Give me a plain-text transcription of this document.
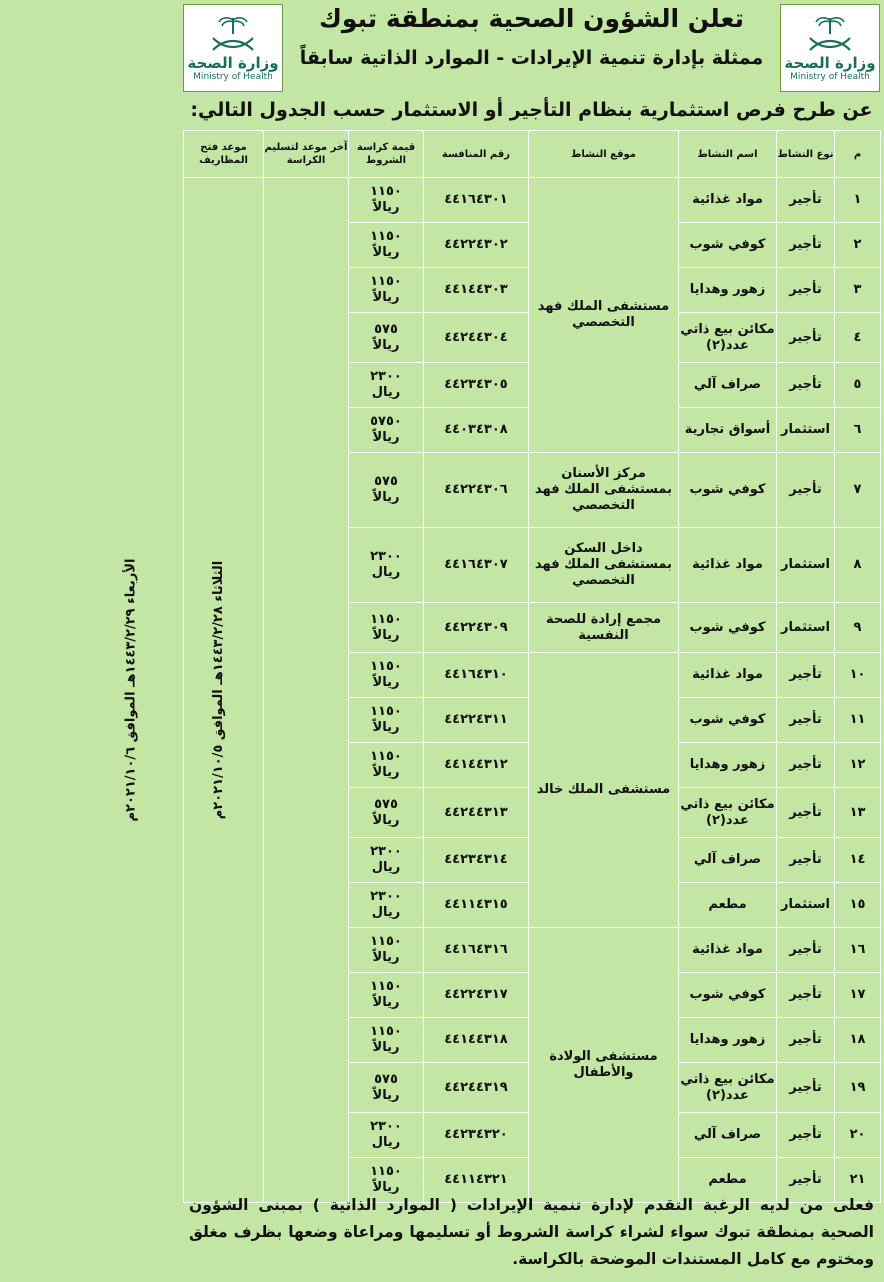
وزارة الصحة
Ministry of Health
وزارة الصحة
Ministry of Health
تعلن الشؤون الصحية بمنطقة تبوك
ممثلة بإدارة تنمية الإيرادات - الموارد الذاتية سابقاً
عن طرح فرص استثمارية بنظام التأجير أو الاستثمار حسب الجدول التالي:
م	نوع النشاط	اسم النشاط	موقع النشاط	رقم المنافسة	قيمة كراسة الشروط	آخر موعد لتسليم الكراسة	موعد فتح المظاريف
١	تأجير	مواد غذائية	مستشفى الملك فهد التخصصي	٤٤١٦٤٣٠١	١١٥٠
ريالاً	الثلاثاء ١٤٤٣/٢/٢٨هـ الموافق ٢٠٢١/١٠/٥م	الأربعاء ١٤٤٣/٢/٢٩هـ الموافق ٢٠٢١/١٠/٦م
٢	تأجير	كوفي شوب		٤٤٢٢٤٣٠٢	١١٥٠
ريالاً		

٣	تأجير	زهور وهدايا		٤٤١٤٤٣٠٣	١١٥٠
ريالاً		

٤	تأجير	مكائن بيع ذاتي عدد(٢)		٤٤٢٤٤٣٠٤	٥٧٥
ريالاً		

٥	تأجير	صراف آلي		٤٤٢٣٤٣٠٥	٢٣٠٠
ريال		

٦	استثمار	أسواق تجارية		٤٤٠٣٤٣٠٨	٥٧٥٠
ريالاً		

٧	تأجير	كوفي شوب	مركز الأسنان بمستشفى الملك فهد التخصصي	٤٤٢٢٤٣٠٦	٥٧٥
ريالاً		

٨	استثمار	مواد غذائية	داخل السكن بمستشفى الملك فهد التخصصي	٤٤١٦٤٣٠٧	٢٣٠٠
ريال		

٩	استثمار	كوفي شوب	مجمع إرادة للصحة النفسية	٤٤٢٢٤٣٠٩	١١٥٠
ريالاً		

١٠	تأجير	مواد غذائية	مستشفى الملك خالد	٤٤١٦٤٣١٠	١١٥٠
ريالاً		

١١	تأجير	كوفي شوب		٤٤٢٢٤٣١١	١١٥٠
ريالاً		

١٢	تأجير	زهور وهدايا		٤٤١٤٤٣١٢	١١٥٠
ريالاً		

١٣	تأجير	مكائن بيع ذاتي عدد(٢)		٤٤٢٤٤٣١٣	٥٧٥
ريالاً		

١٤	تأجير	صراف آلي		٤٤٢٣٤٣١٤	٢٣٠٠
ريال		

١٥	استثمار	مطعم		٤٤١١٤٣١٥	٢٣٠٠
ريال		

١٦	تأجير	مواد غذائية	مستشفى الولادة والأطفال	٤٤١٦٤٣١٦	١١٥٠
ريالاً		

١٧	تأجير	كوفي شوب		٤٤٢٢٤٣١٧	١١٥٠
ريالاً		

١٨	تأجير	زهور وهدايا		٤٤١٤٤٣١٨	١١٥٠
ريالاً		

١٩	تأجير	مكائن بيع ذاتي عدد(٢)		٤٤٢٤٤٣١٩	٥٧٥
ريالاً		

٢٠	تأجير	صراف آلي		٤٤٢٣٤٣٢٠	٢٣٠٠
ريال		

٢١	تأجير	مطعم		٤٤١١٤٣٢١	١١٥٠
ريالاً		
فعلى من لديه الرغبة التقدم لإدارة تنمية الإيرادات ( الموارد الذاتية ) بمبنى الشؤون الصحية بمنطقة تبوك سواء لشراء كراسة الشروط أو تسليمها ومراعاة وضعها بظرف مغلق ومختوم مع كامل المستندات الموضحة بالكراسة.
